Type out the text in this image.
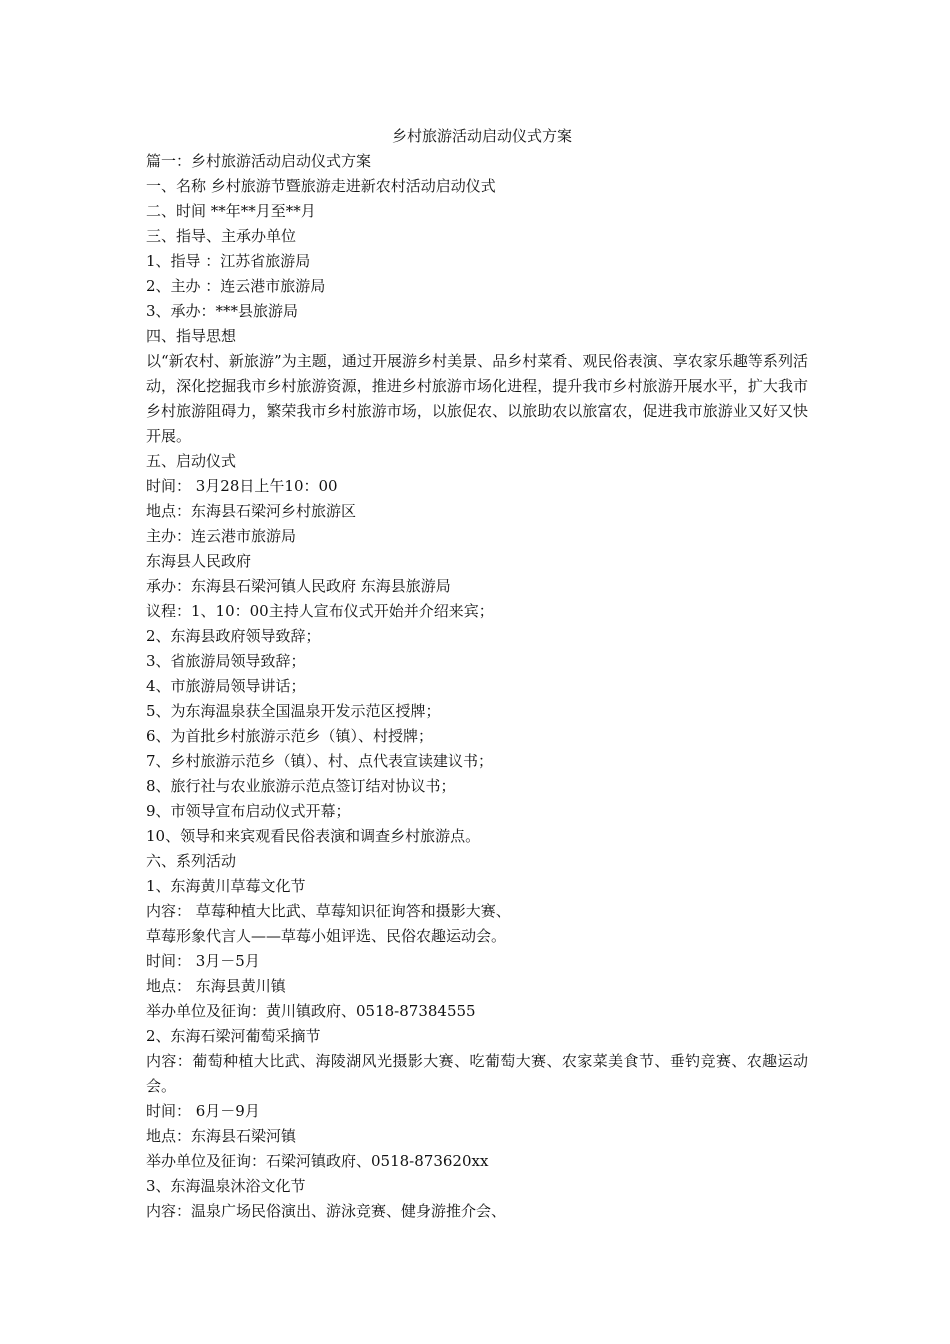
乡村旅游活动启动仪式方案
篇一：乡村旅游活动启动仪式方案
一、名称 乡村旅游节暨旅游走进新农村活动启动仪式
二、时间 **年**月至**月
三、指导、主承办单位
1、指导 ：江苏省旅游局
2、主办 ：连云港市旅游局
3、承办：***县旅游局
四、指导思想
以“新农村、新旅游”为主题，通过开展游乡村美景、品乡村菜肴、观民俗表演、享农家乐趣等系列活动，深化挖掘我市乡村旅游资源，推进乡村旅游市场化进程，提升我市乡村旅游开展水平，扩大我市乡村旅游阻碍力，繁荣我市乡村旅游市场，以旅促农、以旅助农以旅富农，促进我市旅游业又好又快开展。
五、启动仪式
时间： 3月28日上午10：00
地点：东海县石梁河乡村旅游区
主办：连云港市旅游局
东海县人民政府
承办：东海县石梁河镇人民政府 东海县旅游局
议程：1、10：00主持人宣布仪式开始并介绍来宾；
2、东海县政府领导致辞；
3、省旅游局领导致辞；
4、市旅游局领导讲话；
5、为东海温泉获全国温泉开发示范区授牌；
6、为首批乡村旅游示范乡（镇）、村授牌；
7、乡村旅游示范乡（镇）、村、点代表宣读建议书；
8、旅行社与农业旅游示范点签订结对协议书；
9、市领导宣布启动仪式开幕；
10、领导和来宾观看民俗表演和调查乡村旅游点。
六、系列活动
1、东海黄川草莓文化节
内容： 草莓种植大比武、草莓知识征询答和摄影大赛、
草莓形象代言人——草莓小姐评选、民俗农趣运动会。
时间： 3月－5月
地点： 东海县黄川镇
举办单位及征询：黄川镇政府、0518-87384555
2、东海石梁河葡萄采摘节
内容：葡萄种植大比武、海陵湖风光摄影大赛、吃葡萄大赛、农家菜美食节、垂钓竞赛、农趣运动会。
时间： 6月－9月
地点：东海县石梁河镇
举办单位及征询：石梁河镇政府、0518-873620xx
3、东海温泉沐浴文化节
内容：温泉广场民俗演出、游泳竞赛、健身游推介会、
